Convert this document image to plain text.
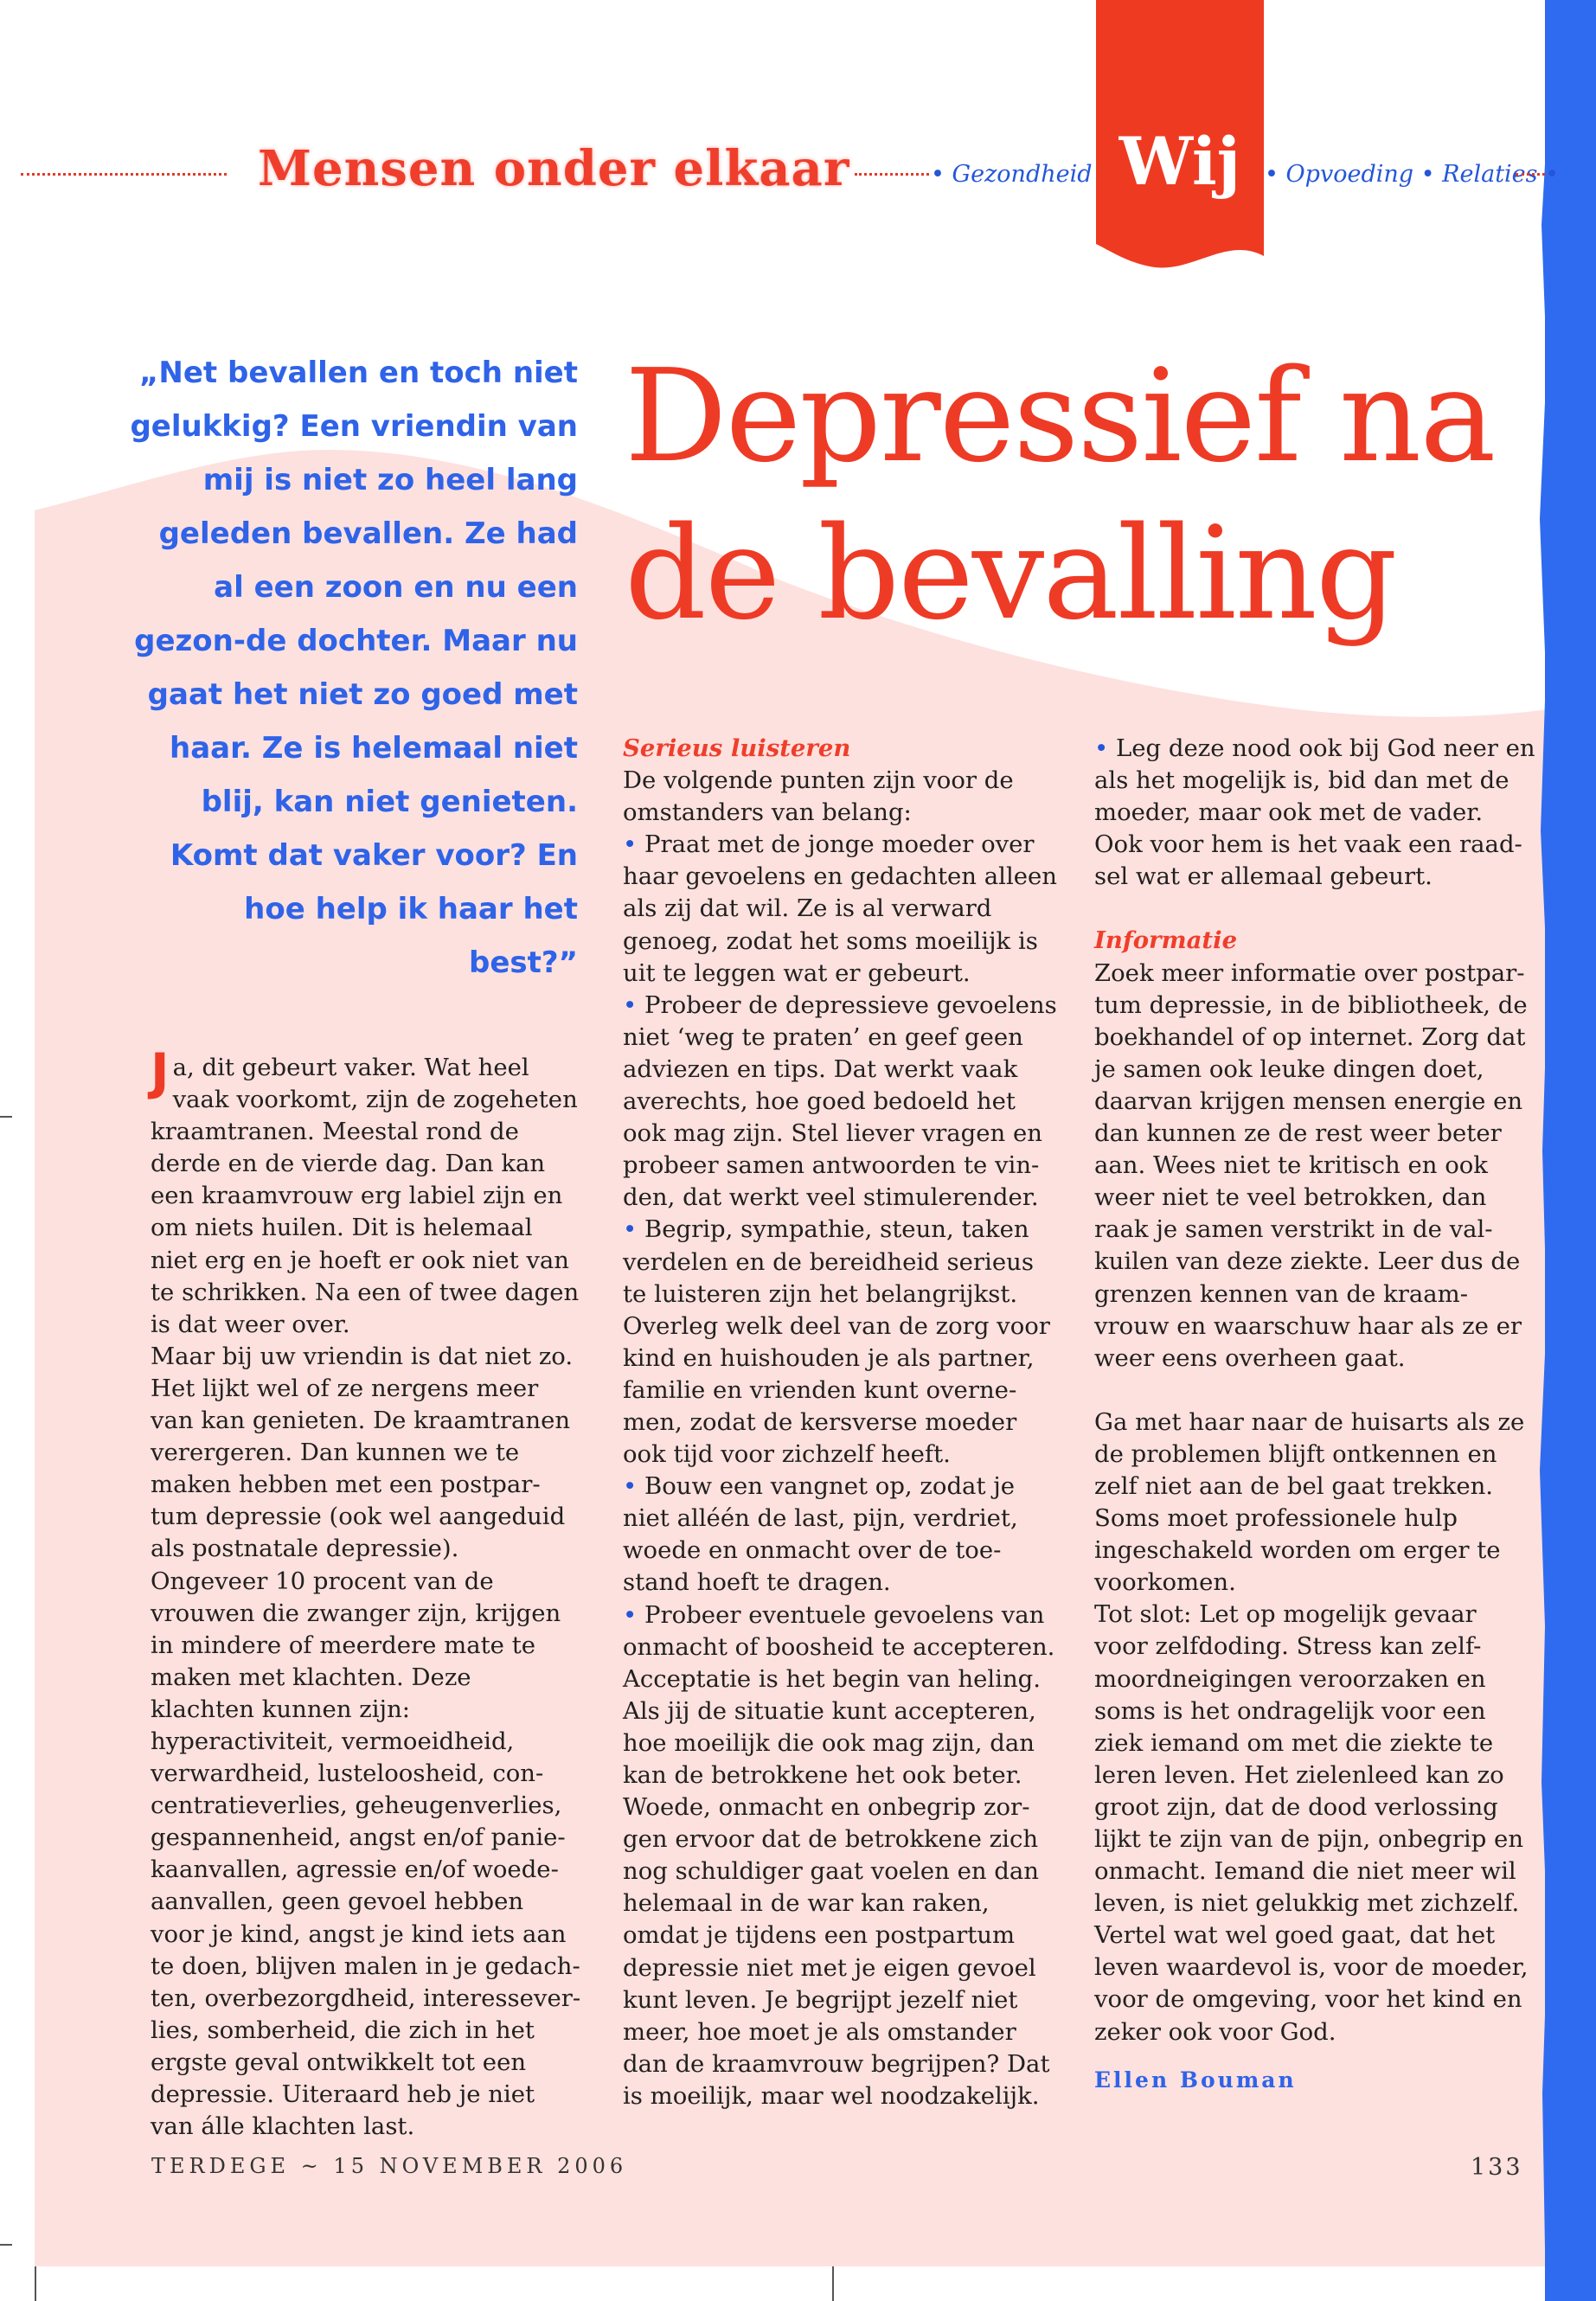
Mensen onder elkaar	• Gezondheid Wij	• Opvoeding • Relaties •
„Net bevallen en toch niet gelukkig? Een vriendin van mij is niet zo heel lang geleden bevallen. Ze had al een zoon en nu een gezon-de dochter. Maar nu gaat het niet zo goed met haar. Ze is helemaal niet blij, kan niet genieten. Komt dat vaker voor? En hoe help ik haar het best?”
Depressief na
de bevalling

Ja, dit gebeurt vaker. Wat heel vaak voorkomt, zijn de zogeheten kraamtranen. Meestal rond de derde en de vierde dag. Dan kan een kraamvrouw erg labiel zijn en om niets huilen. Dit is helemaal niet erg en je hoeft er ook niet van te schrikken. Na een of twee dagen is dat weer over.

Maar bij uw vriendin is dat niet zo. Het lijkt wel of ze nergens meer van kan genieten. De kraamtranen verergeren. Dan kunnen we te maken hebben met een postpar-tum depressie (ook wel aangeduid als postnatale depressie). Ongeveer 10 procent van de vrouwen die zwanger zijn, krijgen in mindere of meerdere mate te maken met klachten. Deze klachten kunnen zijn: hyperactiviteit, vermoeidheid, verwardheid, lusteloosheid, con-centratieverlies, geheugenverlies, gespannenheid, angst en/of panie-kaanvallen, agressie en/of woede-aanvallen, geen gevoel hebben voor je kind, angst je kind iets aan te doen, blijven malen in je gedach-ten, overbezorgdheid, interessever-lies, somberheid, die zich in het ergste geval ontwikkelt tot een depressie. Uiteraard heb je niet van álle klachten last.

Serieus luisteren

De volgende punten zijn voor de omstanders van belang:

• Praat met de jonge moeder over haar gevoelens en gedachten alleen als zij dat wil. Ze is al verward genoeg, zodat het soms moeilijk is uit te leggen wat er gebeurt.

• Probeer de depressieve gevoelens niet ‘weg te praten’ en geef geen adviezen en tips. Dat werkt vaak averechts, hoe goed bedoeld het ook mag zijn. Stel liever vragen en probeer samen antwoorden te vin-den, dat werkt veel stimulerender.

• Begrip, sympathie, steun, taken verdelen en de bereidheid serieus te luisteren zijn het belangrijkst. Overleg welk deel van de zorg voor kind en huishouden je als partner, familie en vrienden kunt overne-men, zodat de kersverse moeder ook tijd voor zichzelf heeft.

• Bouw een vangnet op, zodat je niet alléén de last, pijn, verdriet, woede en onmacht over de toe-stand hoeft te dragen.

• Probeer eventuele gevoelens van onmacht of boosheid te accepteren. Acceptatie is het begin van heling. Als jij de situatie kunt accepteren, hoe moeilijk die ook mag zijn, dan kan de betrokkene het ook beter. Woede, onmacht en onbegrip zor-gen ervoor dat de betrokkene zich nog schuldiger gaat voelen en dan helemaal in de war kan raken, omdat je tijdens een postpartum depressie niet met je eigen gevoel kunt leven. Je begrijpt jezelf niet meer, hoe moet je als omstander dan de kraamvrouw begrijpen? Dat is moeilijk, maar wel noodzakelijk.

• Leg deze nood ook bij God neer en als het mogelijk is, bid dan met de moeder, maar ook met de vader. Ook voor hem is het vaak een raad-sel wat er allemaal gebeurt.

Informatie

Zoek meer informatie over postpar-tum depressie, in de bibliotheek, de boekhandel of op internet. Zorg dat je samen ook leuke dingen doet, daarvan krijgen mensen energie en dan kunnen ze de rest weer beter aan. Wees niet te kritisch en ook weer niet te veel betrokken, dan raak je samen verstrikt in de val-kuilen van deze ziekte. Leer dus de grenzen kennen van de kraam-vrouw en waarschuw haar als ze er weer eens overheen gaat.

Ga met haar naar de huisarts als ze de problemen blijft ontkennen en zelf niet aan de bel gaat trekken. Soms moet professionele hulp ingeschakeld worden om erger te voorkomen.

Tot slot: Let op mogelijk gevaar voor zelfdoding. Stress kan zelf-moordneigingen veroorzaken en soms is het ondragelijk voor een ziek iemand om met die ziekte te leren leven. Het zielenleed kan zo groot zijn, dat de dood verlossing lijkt te zijn van de pijn, onbegrip en onmacht. Iemand die niet meer wil leven, is niet gelukkig met zichzelf. Vertel wat wel goed gaat, dat het leven waardevol is, voor de moeder, voor de omgeving, voor het kind en zeker ook voor God.

Ellen Bouman

TERDEGE ~ 15 NOVEMBER 2006	133
